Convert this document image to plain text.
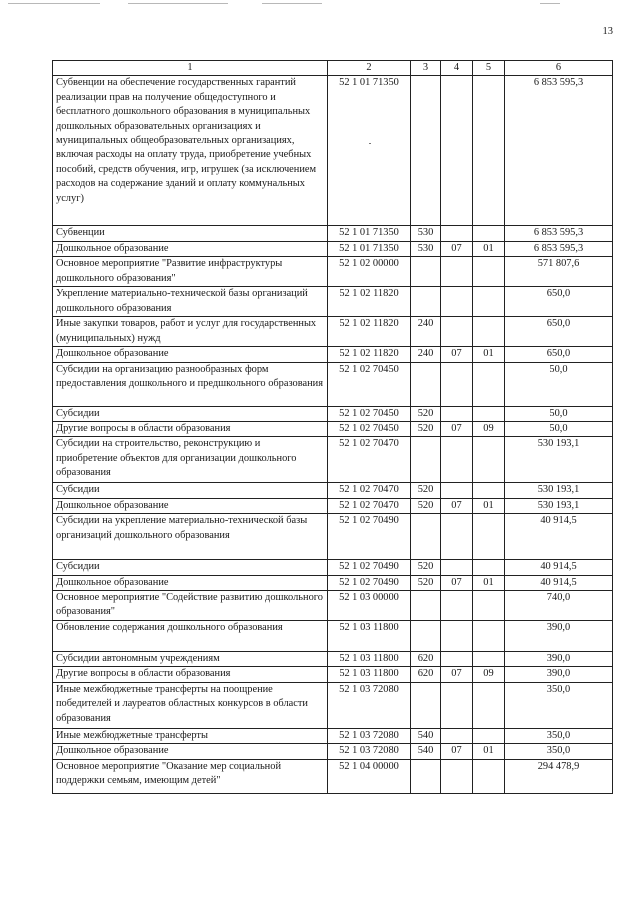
13
1	2	3	4	5	6
Субвенции на обеспечение государственных гарантий реализации прав на получение общедоступного и бесплатного дошкольного образования в муниципальных дошкольных образовательных организациях и муниципальных общеобразовательных организациях, включая расходы на оплату труда, приобретение учебных пособий, средств обучения, игр, игрушек (за исключением расходов на содержание зданий и оплату коммунальных услуг)	52 1 01 71350				6 853 595,3
Субвенции	52 1 01 71350	530			6 853 595,3
Дошкольное образование	52 1 01 71350	530	07	01	6 853 595,3
Основное мероприятие "Развитие инфраструктуры дошкольного образования"	52 1 02 00000				571 807,6
Укрепление материально-технической базы организаций дошкольного образования	52 1 02 11820				650,0
Иные закупки товаров, работ и услуг для государственных (муниципальных) нужд	52 1 02 11820	240			650,0
Дошкольное образование	52 1 02 11820	240	07	01	650,0
Субсидии на организацию разнообразных форм предоставления дошкольного и предшкольного образования	52 1 02 70450				50,0
Субсидии	52 1 02 70450	520			50,0
Другие вопросы в области образования	52 1 02 70450	520	07	09	50,0
Субсидии на строительство, реконструкцию и приобретение объектов для организации дошкольного образования	52 1 02 70470				530 193,1
Субсидии	52 1 02 70470	520			530 193,1
Дошкольное образование	52 1 02 70470	520	07	01	530 193,1
Субсидии на укрепление материально-технической базы организаций дошкольного образования	52 1 02 70490				40 914,5
Субсидии	52 1 02 70490	520			40 914,5
Дошкольное образование	52 1 02 70490	520	07	01	40 914,5
Основное мероприятие "Содействие развитию дошкольного образования"	52 1 03 00000				740,0
Обновление содержания дошкольного образования	52 1 03 11800				390,0
Субсидии автономным учреждениям	52 1 03 11800	620			390,0
Другие вопросы в области образования	52 1 03 11800	620	07	09	390,0
Иные межбюджетные трансферты на поощрение победителей и лауреатов областных конкурсов в области образования	52 1 03 72080				350,0
Иные межбюджетные трансферты	52 1 03 72080	540			350,0
Дошкольное образование	52 1 03 72080	540	07	01	350,0
Основное мероприятие "Оказание мер социальной поддержки семьям, имеющим детей"	52 1 04 00000				294 478,9
